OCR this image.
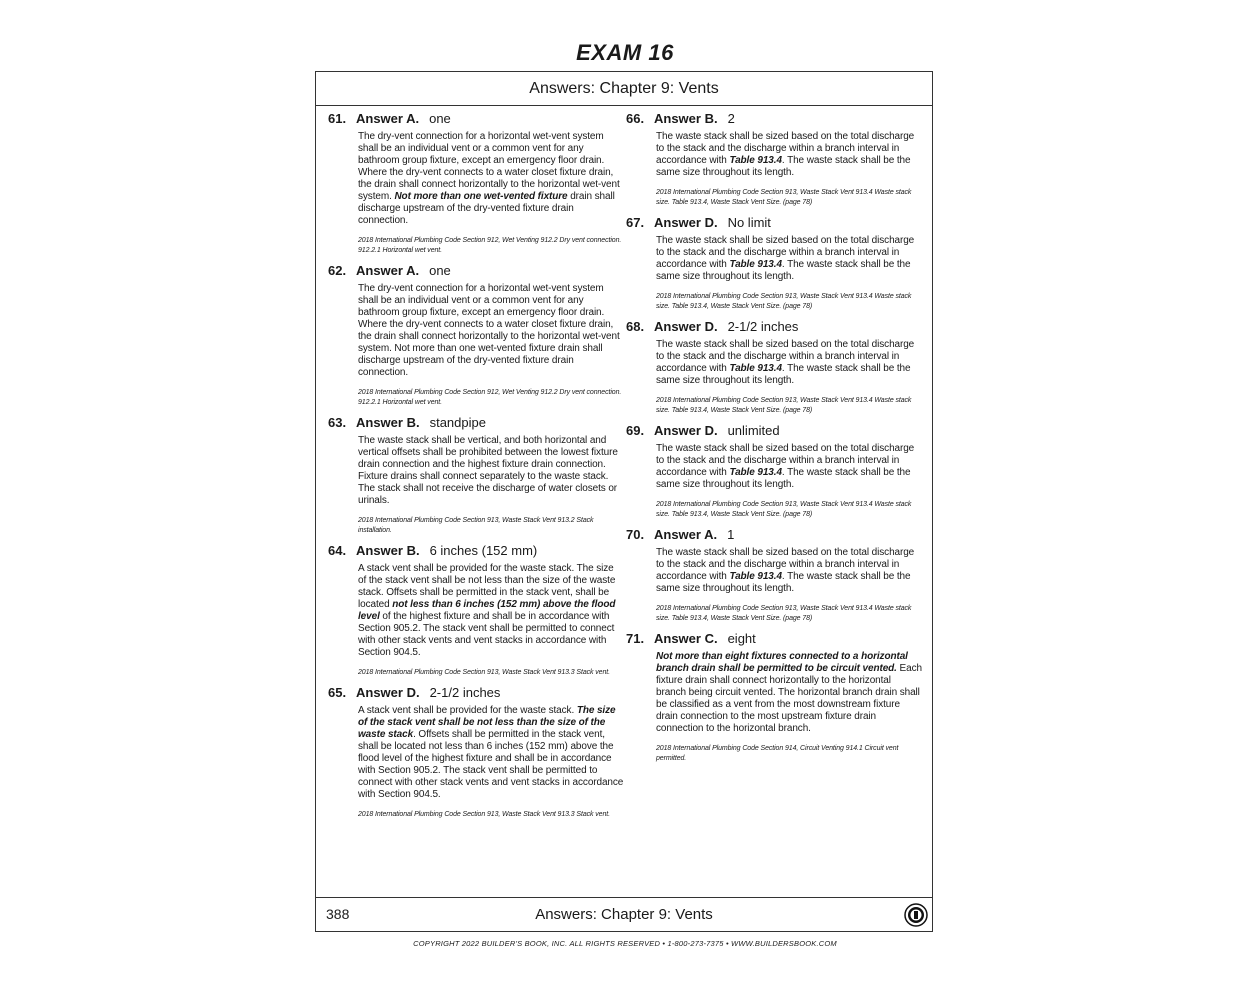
EXAM 16
Answers: Chapter 9: Vents
61. Answer A. one
The dry-vent connection for a horizontal wet-vent system shall be an individual vent or a common vent for any bathroom group fixture, except an emergency floor drain. Where the dry-vent connects to a water closet fixture drain, the drain shall connect horizontally to the horizontal wet-vent system. Not more than one wet-vented fixture drain shall discharge upstream of the dry-vented fixture drain connection.
2018 International Plumbing Code Section 912, Wet Venting 912.2 Dry vent connection. 912.2.1 Horizontal wet vent.
62. Answer A. one
The dry-vent connection for a horizontal wet-vent system shall be an individual vent or a common vent for any bathroom group fixture, except an emergency floor drain. Where the dry-vent connects to a water closet fixture drain, the drain shall connect horizontally to the horizontal wet-vent system. Not more than one wet-vented fixture drain shall discharge upstream of the dry-vented fixture drain connection.
2018 International Plumbing Code Section 912, Wet Venting 912.2 Dry vent connection. 912.2.1 Horizontal wet vent.
63. Answer B. standpipe
The waste stack shall be vertical, and both horizontal and vertical offsets shall be prohibited between the lowest fixture drain connection and the highest fixture drain connection. Fixture drains shall connect separately to the waste stack. The stack shall not receive the discharge of water closets or urinals.
2018 International Plumbing Code Section 913, Waste Stack Vent 913.2 Stack installation.
64. Answer B. 6 inches (152 mm)
A stack vent shall be provided for the waste stack. The size of the stack vent shall be not less than the size of the waste stack. Offsets shall be permitted in the stack vent, shall be located not less than 6 inches (152 mm) above the flood level of the highest fixture and shall be in accordance with Section 905.2. The stack vent shall be permitted to connect with other stack vents and vent stacks in accordance with Section 904.5.
2018 International Plumbing Code Section 913, Waste Stack Vent 913.3 Stack vent.
65. Answer D. 2-1/2 inches
A stack vent shall be provided for the waste stack. The size of the stack vent shall be not less than the size of the waste stack. Offsets shall be permitted in the stack vent, shall be located not less than 6 inches (152 mm) above the flood level of the highest fixture and shall be in accordance with Section 905.2. The stack vent shall be permitted to connect with other stack vents and vent stacks in accordance with Section 904.5.
2018 International Plumbing Code Section 913, Waste Stack Vent 913.3 Stack vent.
66. Answer B. 2
The waste stack shall be sized based on the total discharge to the stack and the discharge within a branch interval in accordance with Table 913.4. The waste stack shall be the same size throughout its length.
2018 International Plumbing Code Section 913, Waste Stack Vent 913.4 Waste stack size. Table 913.4, Waste Stack Vent Size. (page 78)
67. Answer D. No limit
The waste stack shall be sized based on the total discharge to the stack and the discharge within a branch interval in accordance with Table 913.4. The waste stack shall be the same size throughout its length.
2018 International Plumbing Code Section 913, Waste Stack Vent 913.4 Waste stack size. Table 913.4, Waste Stack Vent Size. (page 78)
68. Answer D. 2-1/2 inches
The waste stack shall be sized based on the total discharge to the stack and the discharge within a branch interval in accordance with Table 913.4. The waste stack shall be the same size throughout its length.
2018 International Plumbing Code Section 913, Waste Stack Vent 913.4 Waste stack size. Table 913.4, Waste Stack Vent Size. (page 78)
69. Answer D. unlimited
The waste stack shall be sized based on the total discharge to the stack and the discharge within a branch interval in accordance with Table 913.4. The waste stack shall be the same size throughout its length.
2018 International Plumbing Code Section 913, Waste Stack Vent 913.4 Waste stack size. Table 913.4, Waste Stack Vent Size. (page 78)
70. Answer A. 1
The waste stack shall be sized based on the total discharge to the stack and the discharge within a branch interval in accordance with Table 913.4. The waste stack shall be the same size throughout its length.
2018 International Plumbing Code Section 913, Waste Stack Vent 913.4 Waste stack size. Table 913.4, Waste Stack Vent Size. (page 78)
71. Answer C. eight
Not more than eight fixtures connected to a horizontal branch drain shall be permitted to be circuit vented. Each fixture drain shall connect horizontally to the horizontal branch being circuit vented. The horizontal branch drain shall be classified as a vent from the most downstream fixture drain connection to the most upstream fixture drain connection to the horizontal branch.
2018 International Plumbing Code Section 914, Circuit Venting 914.1 Circuit vent permitted.
388	Answers: Chapter 9: Vents
COPYRIGHT 2022 BUILDER'S BOOK, INC. ALL RIGHTS RESERVED • 1-800-273-7375 • WWW.BUILDERSBOOK.COM
